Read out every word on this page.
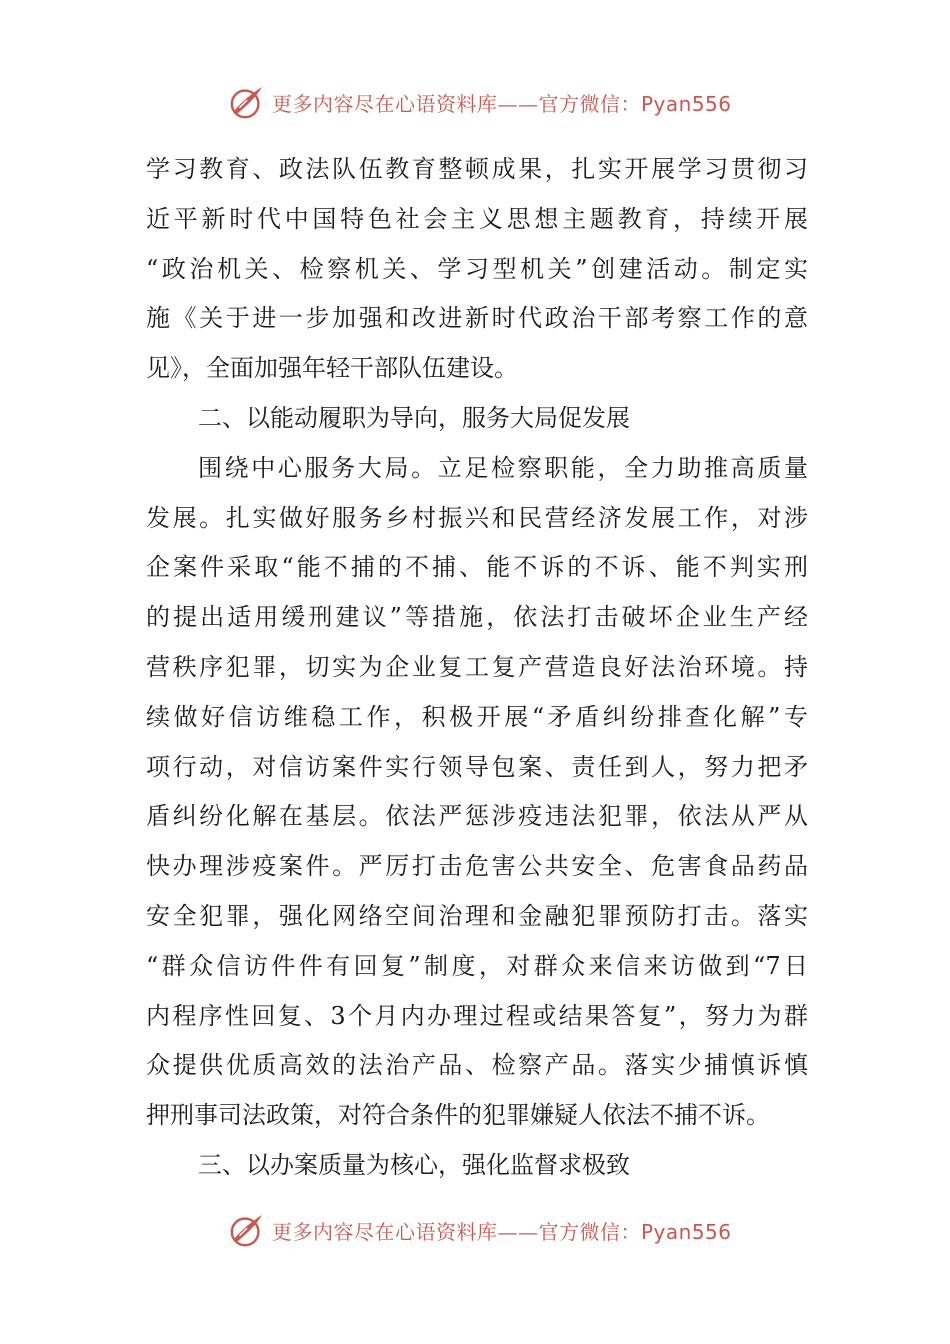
更多内容尽在心语资料库——官方微信：Pyan556
学习教育、政法队伍教育整顿成果，扎实开展学习贯彻习
近平新时代中国特色社会主义思想主题教育，持续开展
“政治机关、检察机关、学习型机关”创建活动。制定实
施《关于进一步加强和改进新时代政治干部考察工作的意
见》，全面加强年轻干部队伍建设。
二、以能动履职为导向，服务大局促发展
围绕中心服务大局。立足检察职能，全力助推高质量
发展。扎实做好服务乡村振兴和民营经济发展工作，对涉
企案件采取“能不捕的不捕、能不诉的不诉、能不判实刑
的提出适用缓刑建议”等措施，依法打击破坏企业生产经
营秩序犯罪，切实为企业复工复产营造良好法治环境。持
续做好信访维稳工作，积极开展“矛盾纠纷排查化解”专
项行动，对信访案件实行领导包案、责任到人，努力把矛
盾纠纷化解在基层。依法严惩涉疫违法犯罪，依法从严从
快办理涉疫案件。严厉打击危害公共安全、危害食品药品
安全犯罪，强化网络空间治理和金融犯罪预防打击。落实
“群众信访件件有回复”制度，对群众来信来访做到“7日
内程序性回复、3个月内办理过程或结果答复”，努力为群
众提供优质高效的法治产品、检察产品。落实少捕慎诉慎
押刑事司法政策，对符合条件的犯罪嫌疑人依法不捕不诉。
三、以办案质量为核心，强化监督求极致
更多内容尽在心语资料库——官方微信：Pyan556
